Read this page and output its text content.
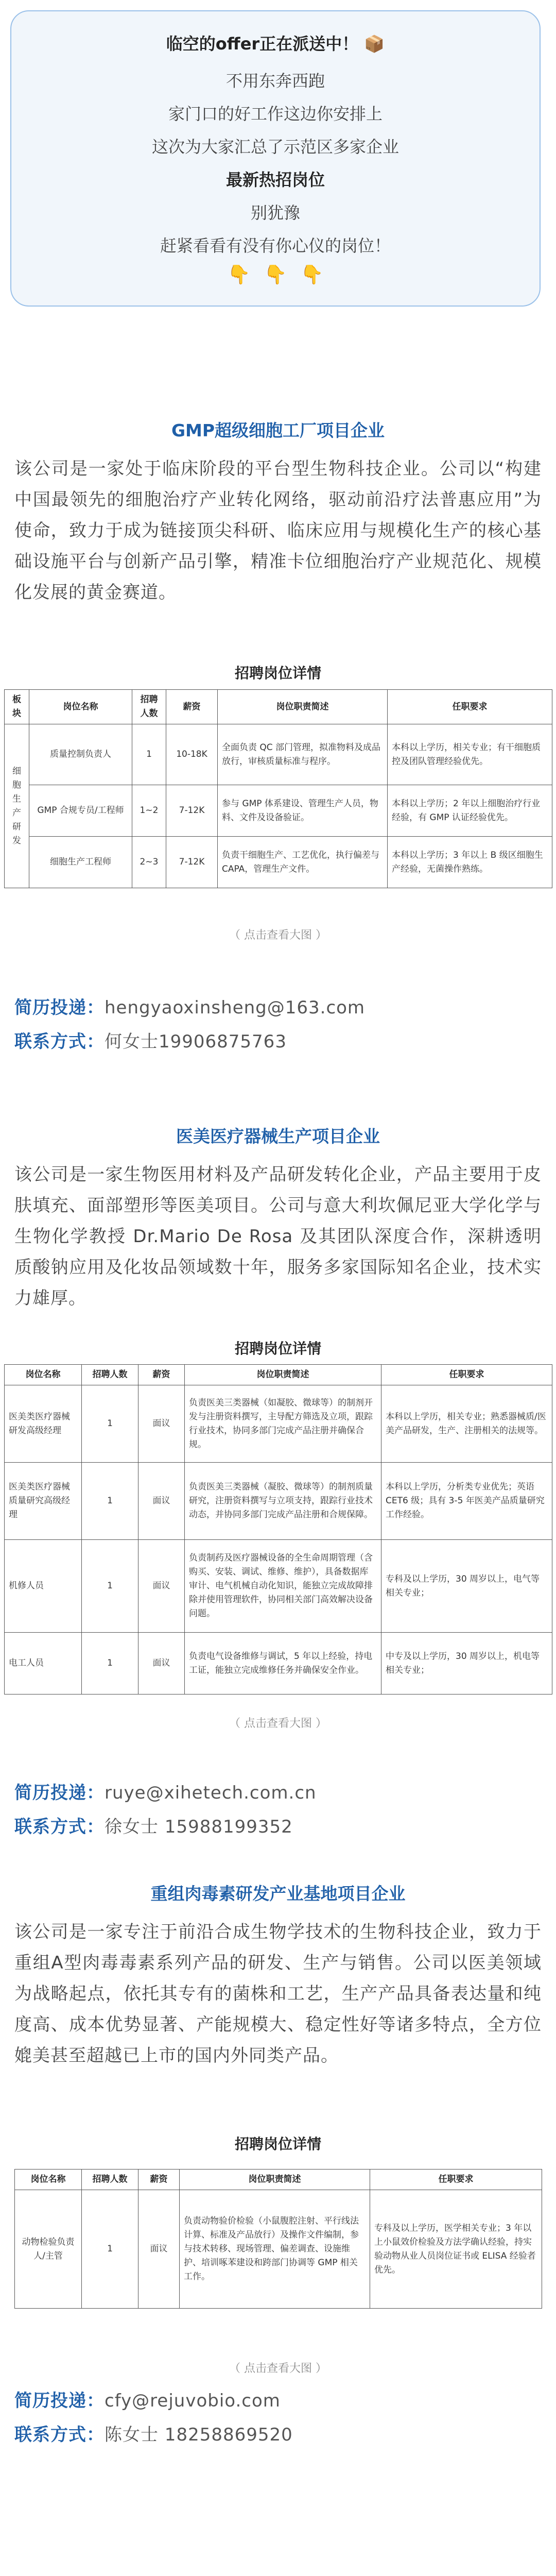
临空的offer正在派送中！ 📦
不用东奔西跑
家门口的好工作这边你安排上
这次为大家汇总了示范区多家企业
最新热招岗位
别犹豫
赶紧看看有没有你心仪的岗位！
👇 👇 👇
GMP超级细胞工厂项目企业
该公司是一家处于临床阶段的平台型生物科技企业。公司以“构建中国最领先的细胞治疗产业转化网络，驱动前沿疗法普惠应用”为使命，致力于成为链接顶尖科研、临床应用与规模化生产的核心基础设施平台与创新产品引擎，精准卡位细胞治疗产业规范化、规模化发展的黄金赛道。
招聘岗位详情
板块	岗位名称	招聘人数	薪资	岗位职责简述	任职要求
细胞生产研发	质量控制负责人	1	10-18K	全面负责 QC 部门管理，拟准物料及成品放行，审核质量标准与程序。	本科以上学历，相关专业；有干细胞质控及团队管理经验优先。
	GMP 合规专员/工程师	1~2	7-12K	参与 GMP 体系建设、管理生产人员，物料、文件及设备验证。	本科以上学历；2 年以上细胞治疗行业经验，有 GMP 认证经验优先。
	细胞生产工程师	2~3	7-12K	负责干细胞生产、工艺优化，执行偏差与 CAPA，管理生产文件。	本科以上学历；3 年以上 B 级区细胞生产经验，无菌操作熟练。
（ 点击查看大图 ）
简历投递：hengyaoxinsheng@163.com
联系方式：何女士19906875763
医美医疗器械生产项目企业
该公司是一家生物医用材料及产品研发转化企业，产品主要用于皮肤填充、面部塑形等医美项目。公司与意大利坎佩尼亚大学化学与生物化学教授 Dr.Mario De Rosa 及其团队深度合作，深耕透明质酸钠应用及化妆品领域数十年，服务多家国际知名企业，技术实力雄厚。
招聘岗位详情
岗位名称	招聘人数	薪资	岗位职责简述	任职要求
医美类医疗器械研发高级经理	1	面议	负责医美三类器械（如凝胶、微球等）的制剂开发与注册资料撰写，主导配方筛选及立项，跟踪行业技术，协同多部门完成产品注册并确保合规。	本科以上学历，相关专业；熟悉器械质/医美产品研发，生产、注册相关的法规等。
医美类医疗器械质量研究高级经理	1	面议	负责医美三类器械（凝胶、微球等）的制剂质量研究，注册资料撰写与立项支持，跟踪行业技术动态，并协同多部门完成产品注册和合规保障。	本科以上学历，分析类专业优先；英语 CET6 级；具有 3-5 年医美产品质量研究工作经验。
机修人员	1	面议	负责制药及医疗器械设备的全生命周期管理（含购买、安装、调试、维修、维护），具备数据库审计、电气机械自动化知识，能独立完成故障排除并使用管理软件，协同相关部门高效解决设备问题。	专科及以上学历，30 周岁以上，电气等相关专业；
电工人员	1	面议	负责电气设备维修与调试，5 年以上经验，持电工证，能独立完成维修任务并确保安全作业。	中专及以上学历，30 周岁以上，机电等相关专业；
（ 点击查看大图 ）
简历投递：ruye@xihetech.com.cn
联系方式：徐女士 15988199352
重组肉毒素研发产业基地项目企业
该公司是一家专注于前沿合成生物学技术的生物科技企业，致力于重组A型肉毒毒素系列产品的研发、生产与销售。公司以医美领域为战略起点，依托其专有的菌株和工艺，生产产品具备表达量和纯度高、成本优势显著、产能规模大、稳定性好等诸多特点，全方位媲美甚至超越已上市的国内外同类产品。
招聘岗位详情
岗位名称	招聘人数	薪资	岗位职责简述	任职要求
动物检验负责人/主管	1	面议	负责动物验价检验（小鼠腹腔注射、平行线法计算、标准及产品放行）及操作文件编制，参与技术转移、现场管理、偏差调查、设施维护、培训啄苯建设和跨部门协调等 GMP 相关工作。	专科及以上学历，医学相关专业；3 年以上小鼠效价检验及方法学确认经验，持实验动物从业人员岗位证书或 ELISA 经验者优先。
（ 点击查看大图 ）
简历投递：cfy@rejuvobio.com
联系方式：陈女士 18258869520
